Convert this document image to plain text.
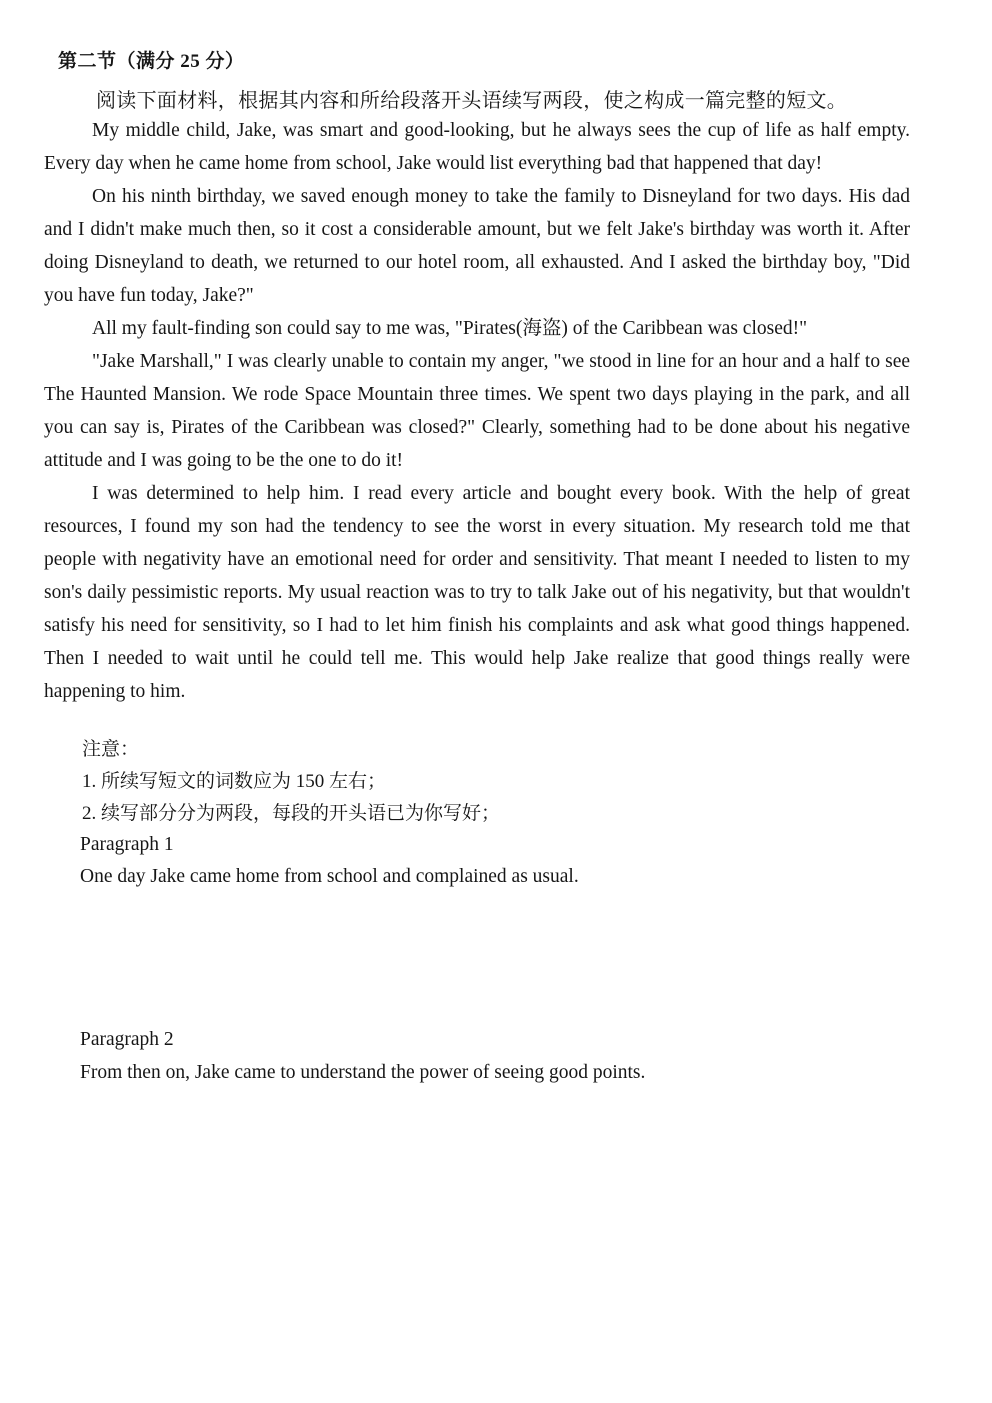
第二节（满分 25 分）
阅读下面材料，根据其内容和所给段落开头语续写两段，使之构成一篇完整的短文。

My middle child, Jake, was smart and good-looking, but he always sees the cup of life as half empty. Every day when he came home from school, Jake would list everything bad that happened that day!

On his ninth birthday, we saved enough money to take the family to Disneyland for two days. His dad and I didn't make much then, so it cost a considerable amount, but we felt Jake's birthday was worth it. After doing Disneyland to death, we returned to our hotel room, all exhausted. And I asked the birthday boy, "Did you have fun today, Jake?"

All my fault-finding son could say to me was, "Pirates(海盗) of the Caribbean was closed!"

"Jake Marshall," I was clearly unable to contain my anger, "we stood in line for an hour and a half to see The Haunted Mansion. We rode Space Mountain three times. We spent two days playing in the park, and all you can say is, Pirates of the Caribbean was closed?" Clearly, something had to be done about his negative attitude and I was going to be the one to do it!

I was determined to help him. I read every article and bought every book. With the help of great resources, I found my son had the tendency to see the worst in every situation. My research told me that people with negativity have an emotional need for order and sensitivity. That meant I needed to listen to my son's daily pessimistic reports. My usual reaction was to try to talk Jake out of his negativity, but that wouldn't satisfy his need for sensitivity, so I had to let him finish his complaints and ask what good things happened. Then I needed to wait until he could tell me. This would help Jake realize that good things really were happening to him.

注意：
1. 所续写短文的词数应为 150 左右；
2. 续写部分分为两段，每段的开头语已为你写好；
Paragraph 1
One day Jake came home from school and complained as usual.
Paragraph 2
From then on, Jake came to understand the power of seeing good points.
